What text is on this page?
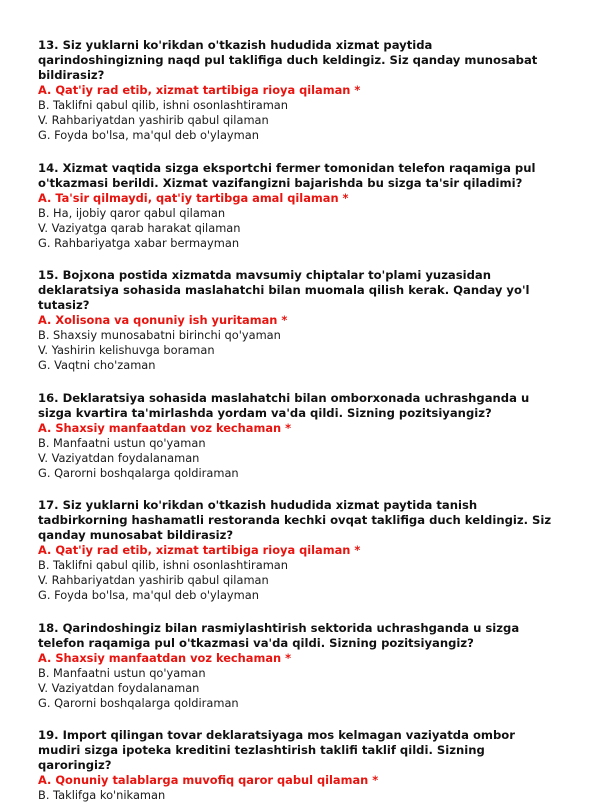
13. Siz yuklarni ko'rikdan o'tkazish hududida xizmat paytida qarindoshingizning naqd pul taklifiga duch keldingiz. Siz qanday munosabat bildirasiz?

A. Qat'iy rad etib, xizmat tartibiga rioya qilaman *

B. Taklifni qabul qilib, ishni osonlashtiraman

V. Rahbariyatdan yashirib qabul qilaman

G. Foyda bo'lsa, ma'qul deb o'ylayman

14. Xizmat vaqtida sizga eksportchi fermer tomonidan telefon raqamiga pul o'tkazmasi berildi. Xizmat vazifangizni bajarishda bu sizga ta'sir qiladimi?

A. Ta'sir qilmaydi, qat'iy tartibga amal qilaman *

B. Ha, ijobiy qaror qabul qilaman

V. Vaziyatga qarab harakat qilaman

G. Rahbariyatga xabar bermayman

15. Bojxona postida xizmatda mavsumiy chiptalar to'plami yuzasidan deklaratsiya sohasida maslahatchi bilan muomala qilish kerak. Qanday yo'l tutasiz?

A. Xolisona va qonuniy ish yuritaman *

B. Shaxsiy munosabatni birinchi qo'yaman

V. Yashirin kelishuvga boraman

G. Vaqtni cho'zaman

16. Deklaratsiya sohasida maslahatchi bilan omborxonada uchrashganda u sizga kvartira ta'mirlashda yordam va'da qildi. Sizning pozitsiyangiz?

A. Shaxsiy manfaatdan voz kechaman *

B. Manfaatni ustun qo'yaman

V. Vaziyatdan foydalanaman

G. Qarorni boshqalarga qoldiraman

17. Siz yuklarni ko'rikdan o'tkazish hududida xizmat paytida tanish tadbirkorning hashamatli restoranda kechki ovqat taklifiga duch keldingiz. Siz qanday munosabat bildirasiz?

A. Qat'iy rad etib, xizmat tartibiga rioya qilaman *

B. Taklifni qabul qilib, ishni osonlashtiraman

V. Rahbariyatdan yashirib qabul qilaman

G. Foyda bo'lsa, ma'qul deb o'ylayman

18. Qarindoshingiz bilan rasmiylashtirish sektorida uchrashganda u sizga telefon raqamiga pul o'tkazmasi va'da qildi. Sizning pozitsiyangiz?

A. Shaxsiy manfaatdan voz kechaman *

B. Manfaatni ustun qo'yaman

V. Vaziyatdan foydalanaman

G. Qarorni boshqalarga qoldiraman

19. Import qilingan tovar deklaratsiyaga mos kelmagan vaziyatda ombor mudiri sizga ipoteka kreditini tezlashtirish taklifi taklif qildi. Sizning qaroringiz?

A. Qonuniy talablarga muvofiq qaror qabul qilaman *

B. Taklifga ko'nikaman
